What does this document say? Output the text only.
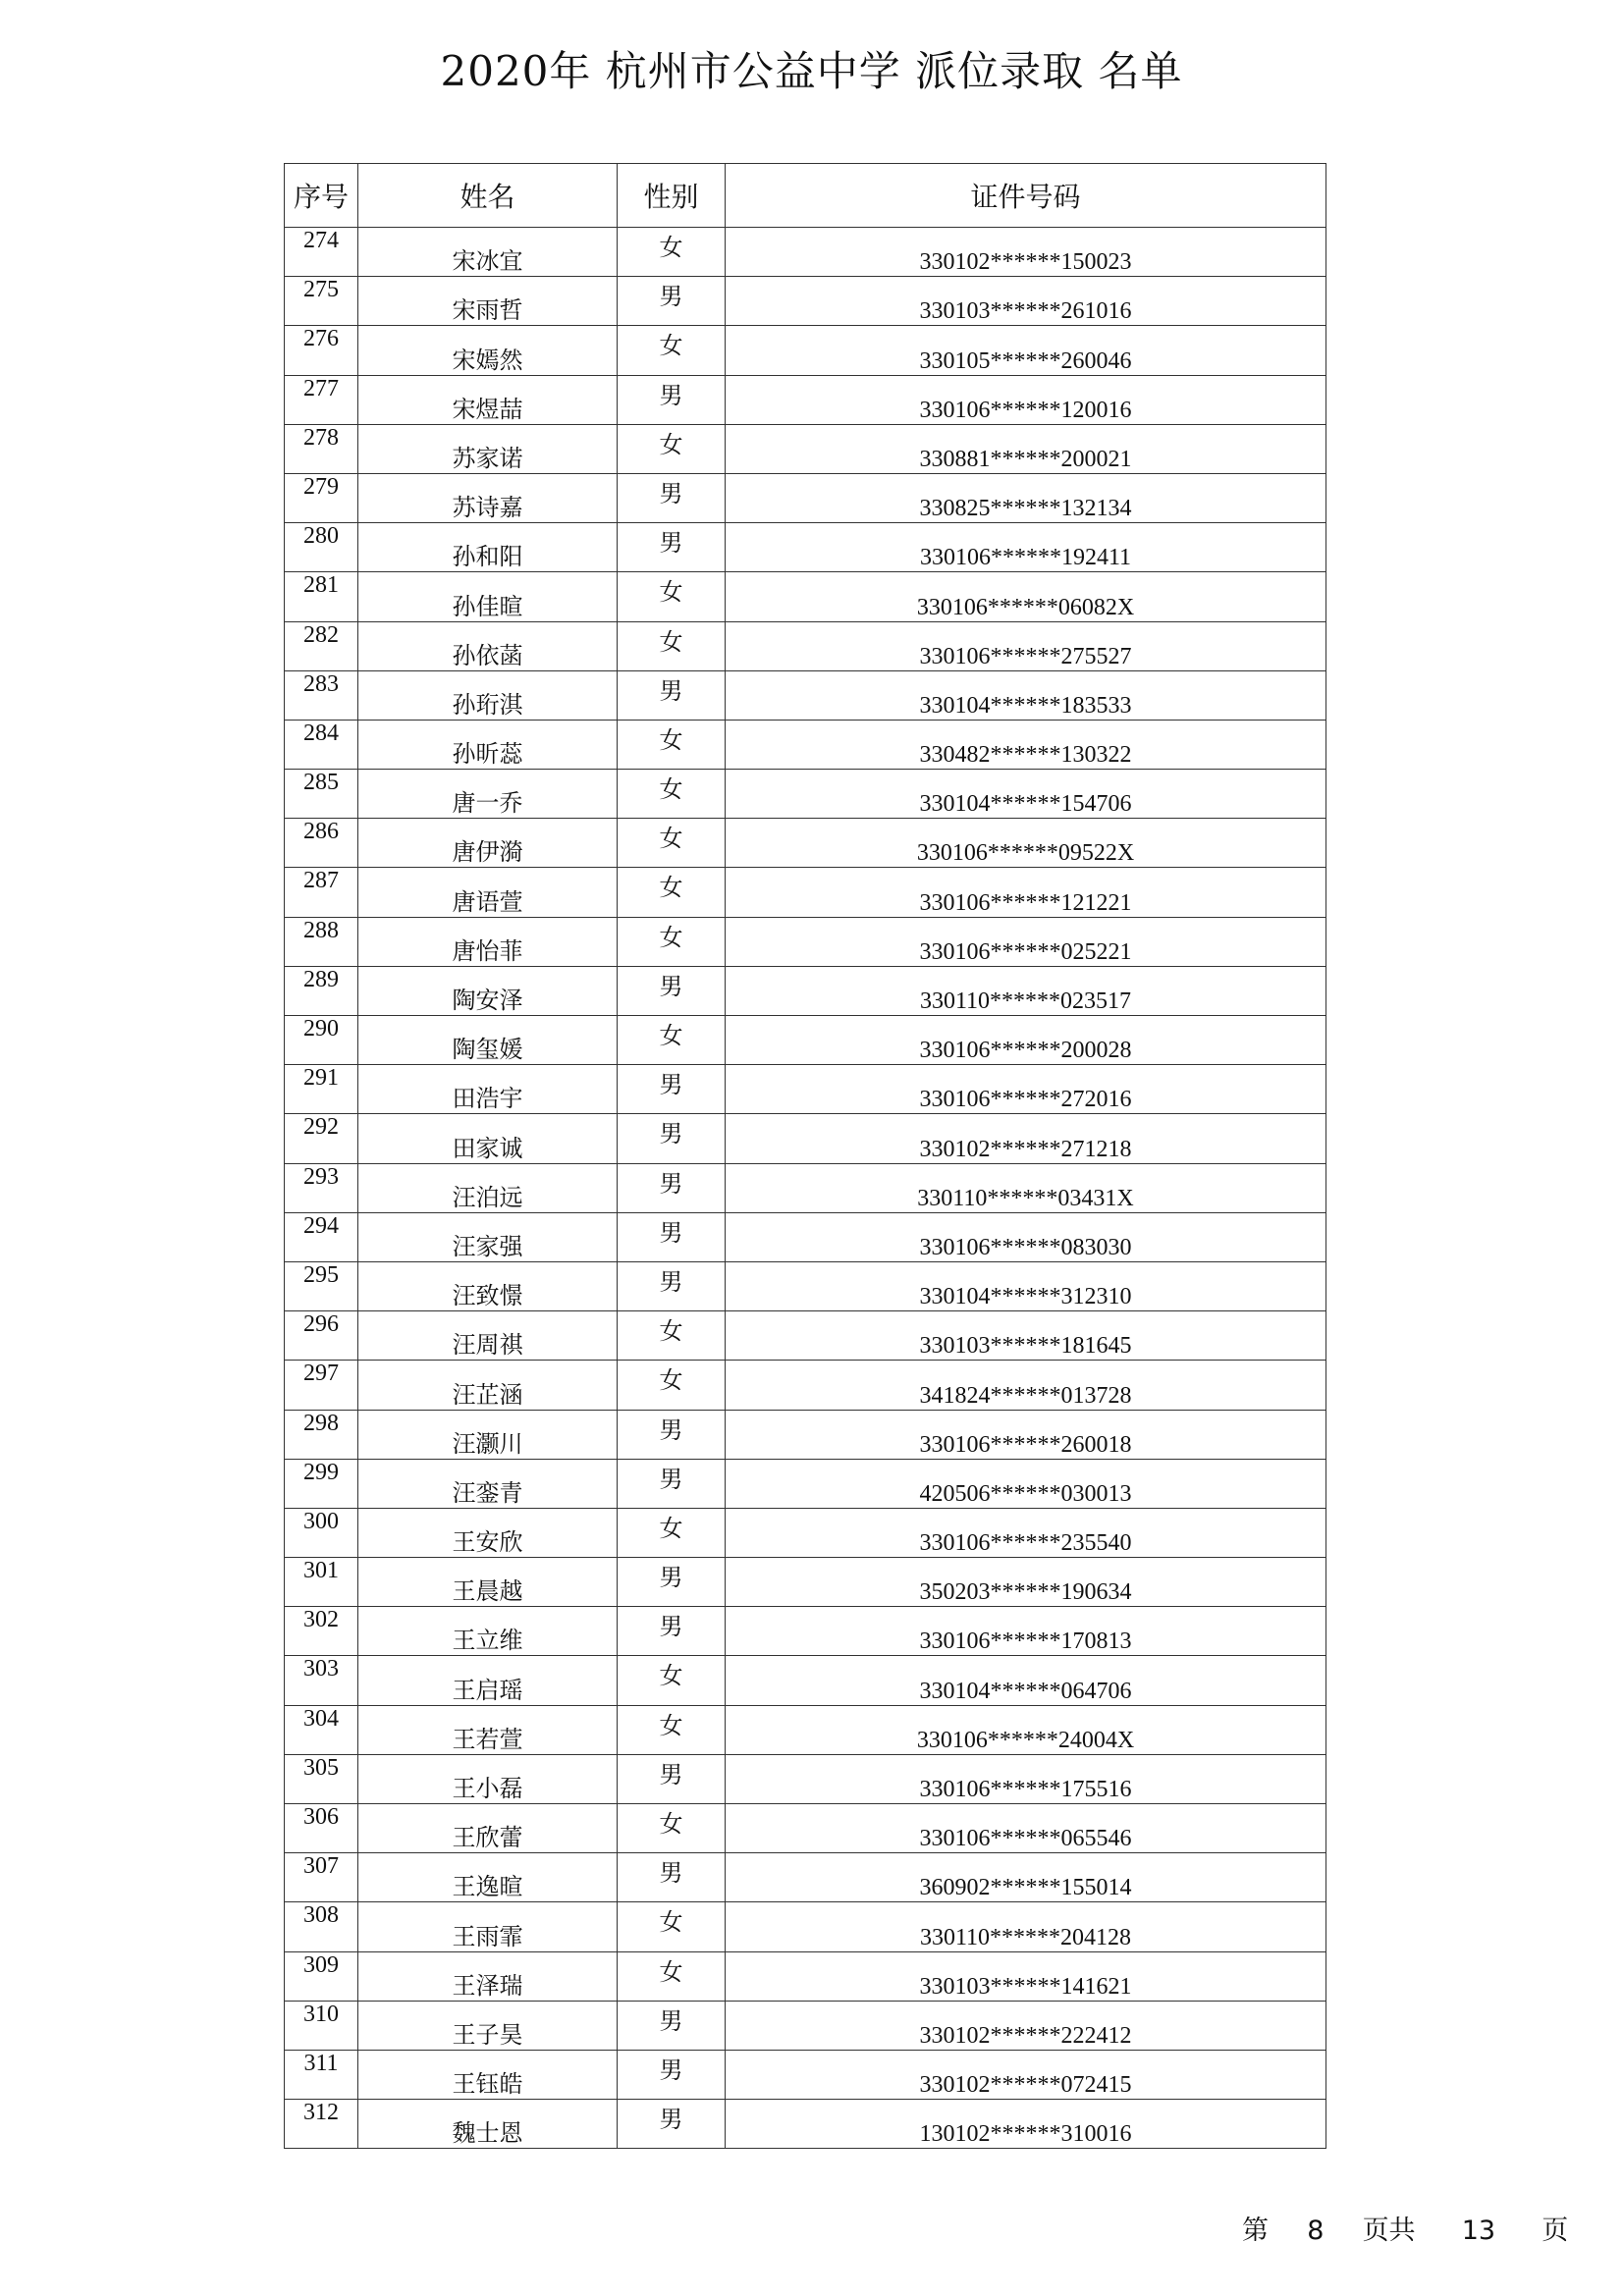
2020年 杭州市公益中学 派位录取 名单
序号	姓名	性别	证件号码
274	宋冰宜	女	330102******150023
275	宋雨哲	男	330103******261016
276	宋嫣然	女	330105******260046
277	宋煜喆	男	330106******120016
278	苏家诺	女	330881******200021
279	苏诗嘉	男	330825******132134
280	孙和阳	男	330106******192411
281	孙佳暄	女	330106******06082X
282	孙依菡	女	330106******275527
283	孙珩淇	男	330104******183533
284	孙昕蕊	女	330482******130322
285	唐一乔	女	330104******154706
286	唐伊漪	女	330106******09522X
287	唐语萱	女	330106******121221
288	唐怡菲	女	330106******025221
289	陶安泽	男	330110******023517
290	陶玺媛	女	330106******200028
291	田浩宇	男	330106******272016
292	田家诚	男	330102******271218
293	汪泊远	男	330110******03431X
294	汪家强	男	330106******083030
295	汪致憬	男	330104******312310
296	汪周祺	女	330103******181645
297	汪芷涵	女	341824******013728
298	汪灏川	男	330106******260018
299	汪銮青	男	420506******030013
300	王安欣	女	330106******235540
301	王晨越	男	350203******190634
302	王立维	男	330106******170813
303	王启瑶	女	330104******064706
304	王若萱	女	330106******24004X
305	王小磊	男	330106******175516
306	王欣蕾	女	330106******065546
307	王逸暄	男	360902******155014
308	王雨霏	女	330110******204128
309	王泽瑞	女	330103******141621
310	王子昊	男	330102******222412
311	王钰皓	男	330102******072415
312	魏士恩	男	130102******310016
第 8 页共 13 页
